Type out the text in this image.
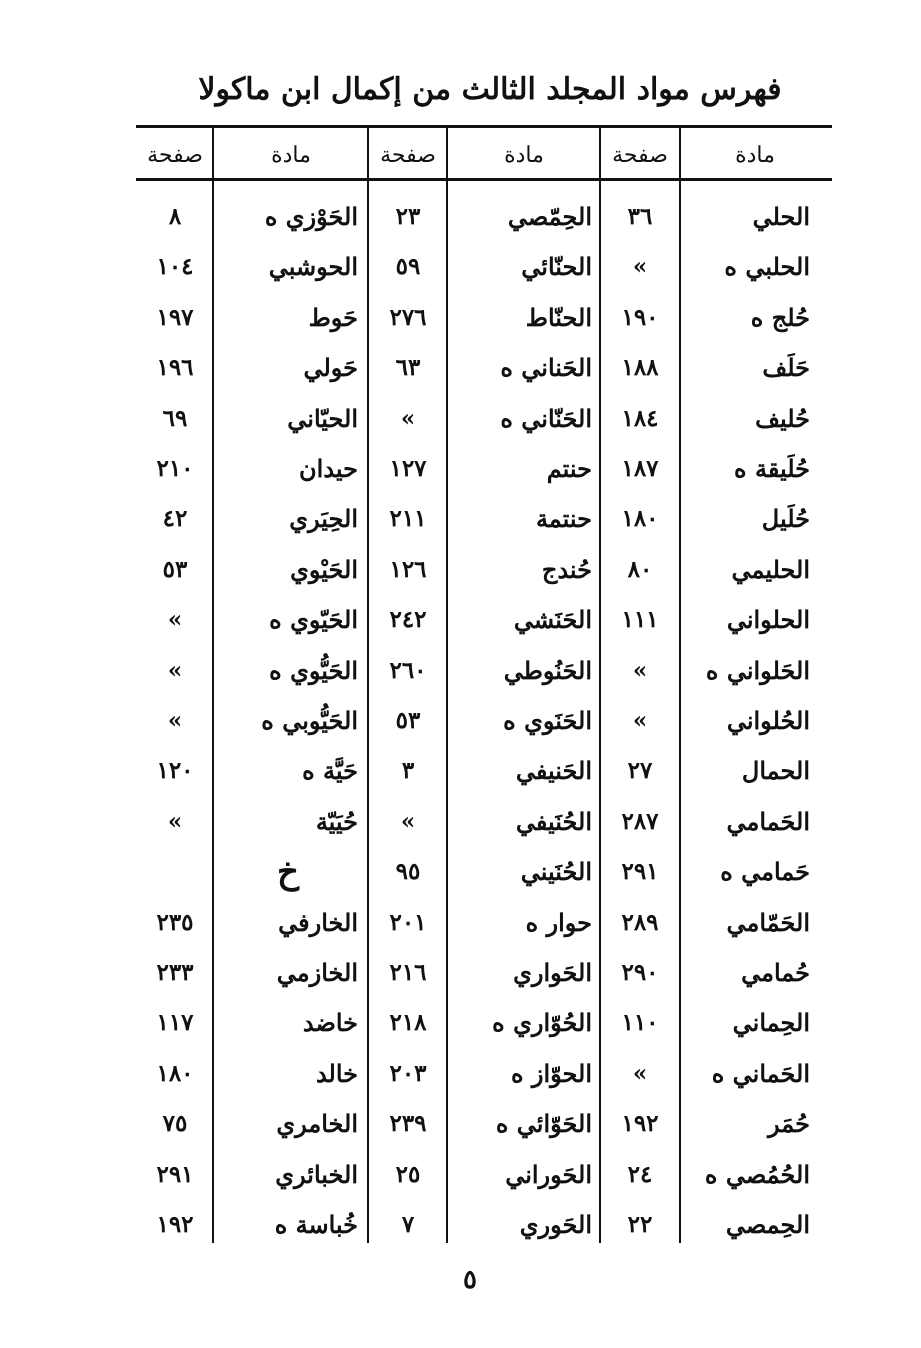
فهرس مواد المجلد الثالث من إكمال ابن ماكولا
مادة
صفحة
مادة
صفحة
مادة
صفحة
الحلي
٣٦
الحلبي ه
»
حُلج ه
١٩٠
حَلَف
١٨٨
حُليف
١٨٤
حُلَيقة ه
١٨٧
حُلَيل
١٨٠
الحليمي
٨٠
الحلواني
١١١
الحَلواني ه
»
الحُلواني
»
الحمال
٢٧
الحَمامي
٢٨٧
حَمامي ه
٢٩١
الحَمّامي
٢٨٩
حُمامي
٢٩٠
الحِماني
١١٠
الحَماني ه
»
حُمَر
١٩٢
الحُمُصي ه
٢٤
الحِمصي
٢٢
الحِمّصي
٢٣
الحنّائي
٥٩
الحنّاط
٢٧٦
الحَناني ه
٦٣
الحَنّاني ه
»
حنتم
١٢٧
حنتمة
٢١١
حُندج
١٢٦
الحَنَشي
٢٤٢
الحَنُوطي
٢٦٠
الحَنَوي ه
٥٣
الحَنيفي
٣
الحُنَيفي
»
الحُنَيني
٩٥
حوار ه
٢٠١
الحَواري
٢١٦
الحُوّاري ه
٢١٨
الحوّاز ه
٢٠٣
الحَوّائي ه
٢٣٩
الحَوراني
٢٥
الحَوري
٧
الحَوْزي ه
٨
الحوشبي
١٠٤
حَوط
١٩٧
حَولي
١٩٦
الحيّاني
٦٩
حيدان
٢١٠
الحِيَري
٤٢
الحَيْوي
٥٣
الحَيّوي ه
»
الحَيُّوي ه
»
الحَيُّوبي ه
»
حَيَّة ه
١٢٠
حُيَيّة
»
خ
الخارفي
٢٣٥
الخازمي
٢٣٣
خاضد
١١٧
خالد
١٨٠
الخامري
٧٥
الخبائري
٢٩١
خُباسة ه
١٩٢
٥
